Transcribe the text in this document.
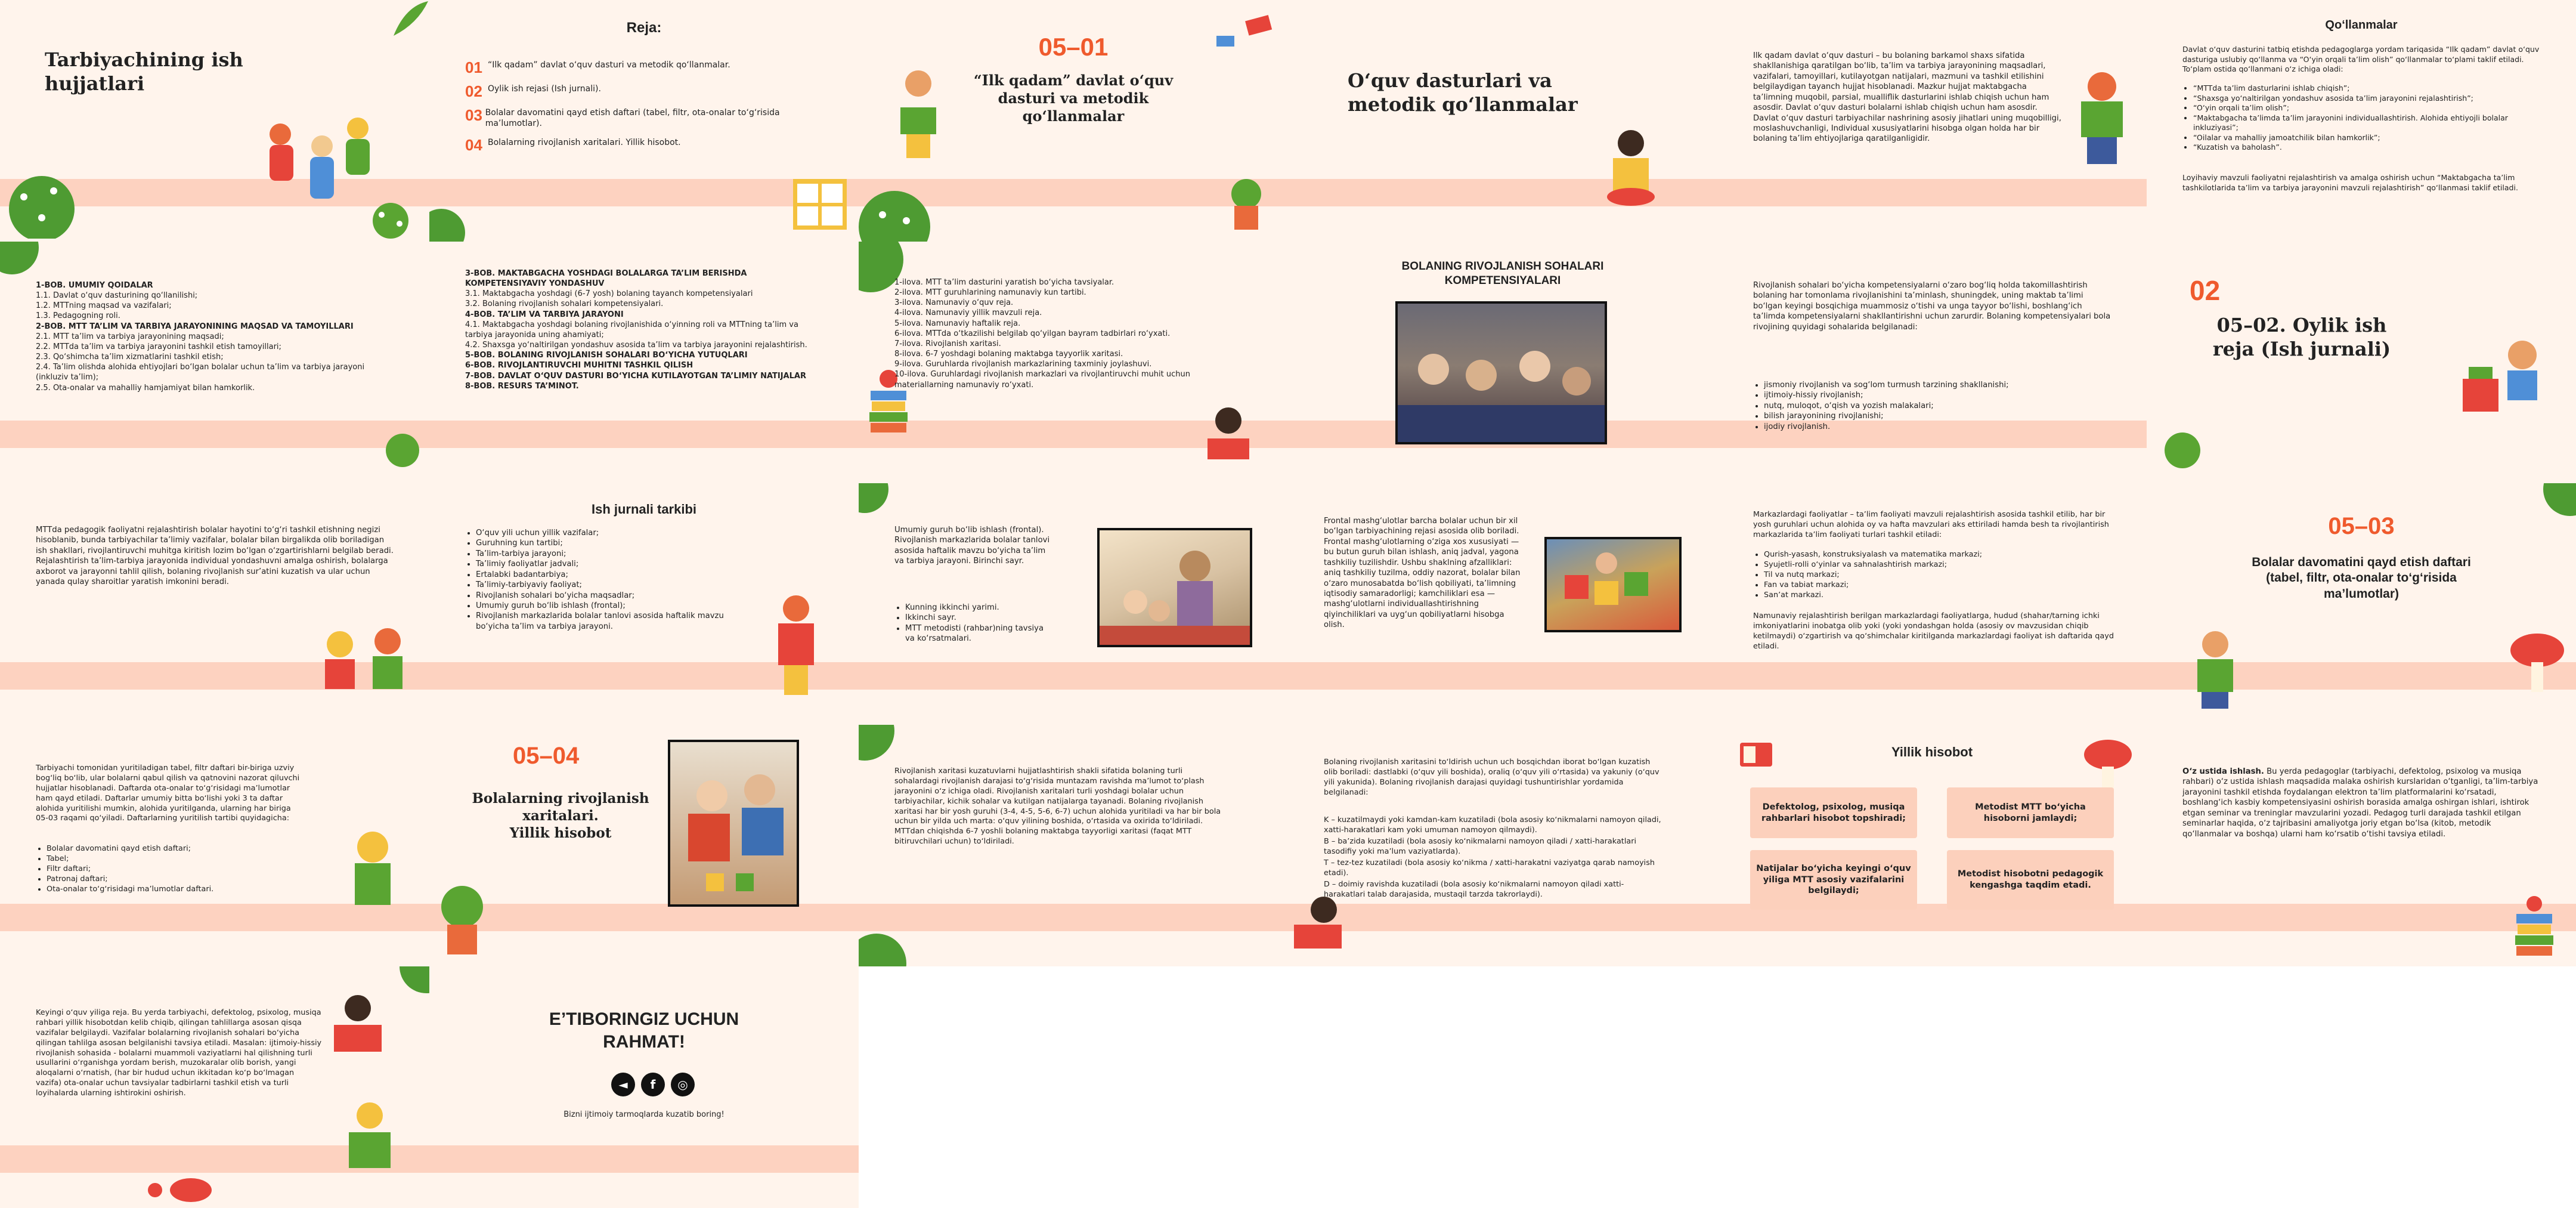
Tarbiyachining ish
hujjatlari
Reja:
01 “Ilk qadam” davlat o‘quv dasturi va metodik qo‘llanmalar.
02 Oylik ish rejasi (Ish jurnali).
03 Bolalar davomatini qayd etish daftari (tabel, filtr, ota-onalar to‘g‘risida ma’lumotlar).
04 Bolalarning rivojlanish xaritalari. Yillik hisobot.
05–01
“Ilk qadam” davlat o‘quv
dasturi va metodik
qo‘llanmalar
O‘quv dasturlari va
metodik qo‘llanmalar
Ilk qadam davlat o‘quv dasturi – bu bolaning barkamol shaxs sifatida shakllanishiga qaratilgan bo‘lib, ta’lim va tarbiya jarayonining maqsadlari, vazifalari, tamoyillari, kutilayotgan natijalari, mazmuni va tashkil etilishini belgilaydigan tayanch hujjat hisoblanadi. Mazkur hujjat maktabgacha ta’limning muqobil, parsial, mualliflik dasturlarini ishlab chiqish uchun ham asosdir. Davlat o‘quv dasturi bolalarni ishlab chiqish uchun ham asosdir. Davlat o‘quv dasturi tarbiyachilar nashrining asosiy jihatlari uning muqobilligi, moslashuvchanligi, Individual xususiyatlarini hisobga olgan holda har bir bolaning ta’lim ehtiyojlariga qaratilganligidir.
Qo‘llanmalar
Davlat o‘quv dasturini tatbiq etishda pedagoglarga yordam tariqasida “Ilk qadam” davlat o‘quv dasturiga uslubiy qo‘llanma va “O‘yin orqali ta’lim olish” qo‘llanmalar to‘plami taklif etiladi. To‘plam ostida qo‘llanmani o‘z ichiga oladi:
• “MTTda ta’lim dasturlarini ishlab chiqish”;
• “Shaxsga yo‘naltirilgan yondashuv asosida ta’lim jarayonini rejalashtirish”;
• “O‘yin orqali ta’lim olish”;
• “Maktabgacha ta’limda ta’lim jarayonini individuallashtirish. Alohida ehtiyojli bolalar inkluziyasi”;
• “Oilalar va mahalliy jamoatchilik bilan hamkorlik”;
• “Kuzatish va baholash”.
Loyihaviy mavzuli faoliyatni rejalashtirish va amalga oshirish uchun “Maktabgacha ta’lim tashkilotlarida ta’lim va tarbiya jarayonini mavzuli rejalashtirish” qo‘llanmasi taklif etiladi.
1-BOB. UMUMIY QOIDALAR
1.1. Davlat o‘quv dasturining qo‘llanilishi;
1.2. MTTning maqsad va vazifalari;
1.3. Pedagogning roli.
2-BOB. MTT TA’LIM VA TARBIYA JARAYONINING MAQSAD VA TAMOYILLARI
2.1. MTT ta’lim va tarbiya jarayonining maqsadi;
2.2. MTTda ta’lim va tarbiya jarayonini tashkil etish tamoyillari;
2.3. Qo‘shimcha ta’lim xizmatlarini tashkil etish;
2.4. Ta’lim olishda alohida ehtiyojlari bo‘lgan bolalar uchun ta’lim va tarbiya jarayoni (inkluziv ta’lim);
2.5. Ota-onalar va mahalliy hamjamiyat bilan hamkorlik.
3-BOB. MAKTABGACHA YOSHDAGI BOLALARGA TA’LIM BERISHDA KOMPETENSIYAVIY YONDASHUV
3.1. Maktabgacha yoshdagi (6-7 yosh) bolaning tayanch kompetensiyalari
3.2. Bolaning rivojlanish sohalari kompetensiyalari.
4-BOB. TA’LIM VA TARBIYA JARAYONI
4.1. Maktabgacha yoshdagi bolaning rivojlanishida o‘yinning roli va MTTning ta’lim va tarbiya jarayonida uning ahamiyati;
4.2. Shaxsga yo‘naltirilgan yondashuv asosida ta’lim va tarbiya jarayonini rejalashtirish.
5-BOB. BOLANING RIVOJLANISH SOHALARI BO‘YICHA YUTUQLARI
6-BOB. RIVOJLANTIRUVCHI MUHITNI TASHKIL QILISH
7-BOB. DAVLAT O‘QUV DASTURI BO‘YICHA KUTILAYOTGAN TA’LIMIY NATIJALAR
8-BOB. RESURS TA’MINOT.
1-ilova. MTT ta’lim dasturini yaratish bo‘yicha tavsiyalar.
2-ilova. MTT guruhlarining namunaviy kun tartibi.
3-ilova. Namunaviy o‘quv reja.
4-ilova. Namunaviy yillik mavzuli reja.
5-ilova. Namunaviy haftalik reja.
6-ilova. MTTda o‘tkazilishi belgilab qo‘yilgan bayram tadbirlari ro‘yxati.
7-ilova. Rivojlanish xaritasi.
8-ilova. 6-7 yoshdagi bolaning maktabga tayyorlik xaritasi.
9-ilova. Guruhlarda rivojlanish markazlarining taxminiy joylashuvi.
10-ilova. Guruhlardagi rivojlanish markazlari va rivojlantiruvchi muhit uchun materiallarning namunaviy ro‘yxati.
BOLANING RIVOJLANISH SOHALARI
KOMPETENSIYALARI	Rivojlanish sohalari bo‘yicha kompetensiyalarni o‘zaro bog‘liq holda takomillashtirish bolaning har tomonlama rivojlanishini ta’minlash, shuningdek, uning maktab ta’limi bo‘lgan keyingi bosqichiga muammosiz o‘tishi va unga tayyor bo‘lishi, boshlang‘ich ta’limda kompetensiyalarni shakllantirishni uchun zarurdir. Bolaning kompetensiyalari bola rivojining quyidagi sohalarida belgilanadi:
• jismoniy rivojlanish va sog‘lom turmush tarzining shakllanishi;
• ijtimoiy-hissiy rivojlanish;
• nutq, muloqot, o‘qish va yozish malakalari;
• bilish jarayonining rivojlanishi;
• ijodiy rivojlanish.
02
05–02. Oylik ish
reja (Ish jurnali)
MTTda pedagogik faoliyatni rejalashtirish bolalar hayotini to‘g‘ri tashkil etishning negizi hisoblanib, bunda tarbiyachilar ta’limiy vazifalar, bolalar bilan birgalikda olib boriladigan ish shakllari, rivojlantiruvchi muhitga kiritish lozim bo‘lgan o‘zgartirishlarni belgilab beradi. Rejalashtirish ta’lim-tarbiya jarayonida individual yondashuvni amalga oshirish, bolalarga axborot va jarayonni tahlil qilish, bolaning rivojlanish sur’atini kuzatish va ular uchun yanada qulay sharoitlar yaratish imkonini beradi.
Ish jurnali tarkibi
• O‘quv yili uchun yillik vazifalar;
• Guruhning kun tartibi;
• Ta’lim-tarbiya jarayoni;
• Ta’limiy faoliyatlar jadvali;
• Ertalabki badantarbiya;
• Ta’limiy-tarbiyaviy faoliyat;
• Rivojlanish sohalari bo‘yicha maqsadlar;
• Umumiy guruh bo‘lib ishlash (frontal);
• Rivojlanish markazlarida bolalar tanlovi asosida haftalik mavzu bo‘yicha ta’lim va tarbiya jarayoni.
Umumiy guruh bo‘lib ishlash (frontal). Rivojlanish markazlarida bolalar tanlovi asosida haftalik mavzu bo‘yicha ta’lim va tarbiya jarayoni. Birinchi sayr.
• Kunning ikkinchi yarimi.
• Ikkinchi sayr.
• MTT metodisti (rahbar)ning tavsiya va ko‘rsatmalari.
Frontal mashg‘ulotlar barcha bolalar uchun bir xil bo‘lgan tarbiyachining rejasi asosida olib boriladi. Frontal mashg‘ulotlarning o‘ziga xos xususiyati — bu butun guruh bilan ishlash, aniq jadval, yagona tashkiliy tuzilishdir. Ushbu shaklning afzalliklari: aniq tashkiliy tuzilma, oddiy nazorat, bolalar bilan o‘zaro munosabatda bo‘lish qobiliyati, ta’limning iqtisodiy samaradorligi; kamchiliklari esa — mashg‘ulotlarni individuallashtirishning qiyinchiliklari va uyg‘un qobiliyatlarni hisobga olish.
Markazlardagi faoliyatlar – ta’lim faoliyati mavzuli rejalashtirish asosida tashkil etilib, har bir yosh guruhlari uchun alohida oy va hafta mavzulari aks ettiriladi hamda besh ta rivojlantirish markazlarida ta’lim faoliyati turlari tashkil etiladi:
• Qurish-yasash, konstruksiyalash va matematika markazi;
• Syujetli-rolli o‘yinlar va sahnalashtirish markazi;
• Til va nutq markazi;
• Fan va tabiat markazi;
• San’at markazi.
Namunaviy rejalashtirish berilgan markazlardagi faoliyatlarga, hudud (shahar/tarning ichki imkoniyatlarini inobatga olib yoki (yoki yondashgan holda (asosiy ov mavzusidan chiqib ketilmaydi) o‘zgartirish va qo‘shimchalar kiritilganda markazlardagi faoliyat ish daftarida qayd etiladi.
05–03
Bolalar davomatini qayd etish daftari
(tabel, filtr, ota-onalar to‘g‘risida
ma’lumotlar)
Tarbiyachi tomonidan yuritiladigan tabel, filtr daftari bir-biriga uzviy bog‘liq bo‘lib, ular bolalarni qabul qilish va qatnovini nazorat qiluvchi hujjatlar hisoblanadi. Daftarda ota-onalar to‘g‘risidagi ma’lumotlar ham qayd etiladi. Daftarlar umumiy bitta bo‘lishi yoki 3 ta daftar alohida yuritilishi mumkin, alohida yuritilganda, ularning har biriga 05-03 raqami qo‘yiladi. Daftarlarning yuritilish tartibi quyidagicha:
• Bolalar davomatini qayd etish daftari;
• Tabel;
• Filtr daftari;
• Patronaj daftari;
• Ota-onalar to‘g‘risidagi ma’lumotlar daftari.
05–04
Bolalarning rivojlanish
xaritalari.
Yillik hisobot
Rivojlanish xaritasi kuzatuvlarni hujjatlashtirish shakli sifatida bolaning turli sohalardagi rivojlanish darajasi to‘g‘risida muntazam ravishda ma’lumot to‘plash jarayonini o‘z ichiga oladi. Rivojlanish xaritalari turli yoshdagi bolalar uchun tarbiyachilar, kichik sohalar va kutilgan natijalarga tayanadi. Bolaning rivojlanish xaritasi har bir yosh guruhi (3-4, 4-5, 5-6, 6-7) uchun alohida yuritiladi va har bir bola uchun bir yilda uch marta: o‘quv yilining boshida, o‘rtasida va oxirida to‘ldiriladi. MTTdan chiqishda 6-7 yoshli bolaning maktabga tayyorligi xaritasi (faqat MTT bitiruvchilari uchun) to‘ldiriladi.
Bolaning rivojlanish xaritasini to‘ldirish uchun uch bosqichdan iborat bo‘lgan kuzatish olib boriladi: dastlabki (o‘quv yili boshida), oraliq (o‘quv yili o‘rtasida) va yakuniy (o‘quv yili yakunida). Bolaning rivojlanish darajasi quyidagi tushuntirishlar yordamida belgilanadi:
K – kuzatilmaydi yoki kamdan-kam kuzatiladi (bola asosiy ko‘nikmalarni namoyon qiladi, xatti-harakatlari kam yoki umuman namoyon qilmaydi).
B – ba’zida kuzatiladi (bola asosiy ko‘nikmalarni namoyon qiladi / xatti-harakatlari tasodifiy yoki ma’lum vaziyatlarda).
T – tez-tez kuzatiladi (bola asosiy ko‘nikma / xatti-harakatni vaziyatga qarab namoyish etadi).
D – doimiy ravishda kuzatiladi (bola asosiy ko‘nikmalarni namoyon qiladi xatti-harakatlari talab darajasida, mustaqil tarzda takrorlaydi).
Yillik hisobot
Defektolog, psixolog, musiqa rahbarlari hisobot topshiradi;
Metodist MTT bo‘yicha hisoborni jamlaydi;
Natijalar bo‘yicha keyingi o‘quv yiliga MTT asosiy vazifalarini belgilaydi;
Metodist hisobotni pedagogik kengashga taqdim etadi.
O‘z ustida ishlash. Bu yerda pedagoglar (tarbiyachi, defektolog, psixolog va musiqa rahbari) o‘z ustida ishlash maqsadida malaka oshirish kurslaridan o‘tganligi, ta’lim-tarbiya jarayonini tashkil etishda foydalangan elektron ta’lim platformalarini ko‘rsatadi, boshlang‘ich kasbiy kompetensiyasini oshirish borasida amalga oshirgan ishlari, ishtirok etgan seminar va treninglar mavzularini yozadi. Pedagog turli darajada tashkil etilgan seminarlar haqida, o‘z tajribasini amaliyotga joriy etgan bo‘lsa (kitob, metodik qo‘llanmalar va boshqa) ularni ham ko‘rsatib o‘tishi tavsiya etiladi.
Keyingi o‘quv yiliga reja. Bu yerda tarbiyachi, defektolog, psixolog, musiqa rahbari yillik hisobotdan kelib chiqib, qilingan tahlillarga asosan qisqa vazifalar belgilaydi. Vazifalar bolalarning rivojlanish sohalari bo‘yicha qilingan tahlilga asosan belgilanishi tavsiya etiladi. Masalan: ijtimoiy-hissiy rivojlanish sohasida - bolalarni muammoli vaziyatlarni hal qilishning turli usullarini o‘rganishga yordam berish, muzokaralar olib borish, yangi aloqalarni o‘rnatish, (har bir hudud uchun ikkitadan ko‘p bo‘lmagan vazifa) ota-onalar uchun tavsiyalar tadbirlarni tashkil etish va turli loyihalarda ularning ishtirokini oshirish.
E’TIBORINGIZ UCHUN
RAHMAT!
◄	f	◎
Bizni ijtimoiy tarmoqlarda kuzatib boring!
